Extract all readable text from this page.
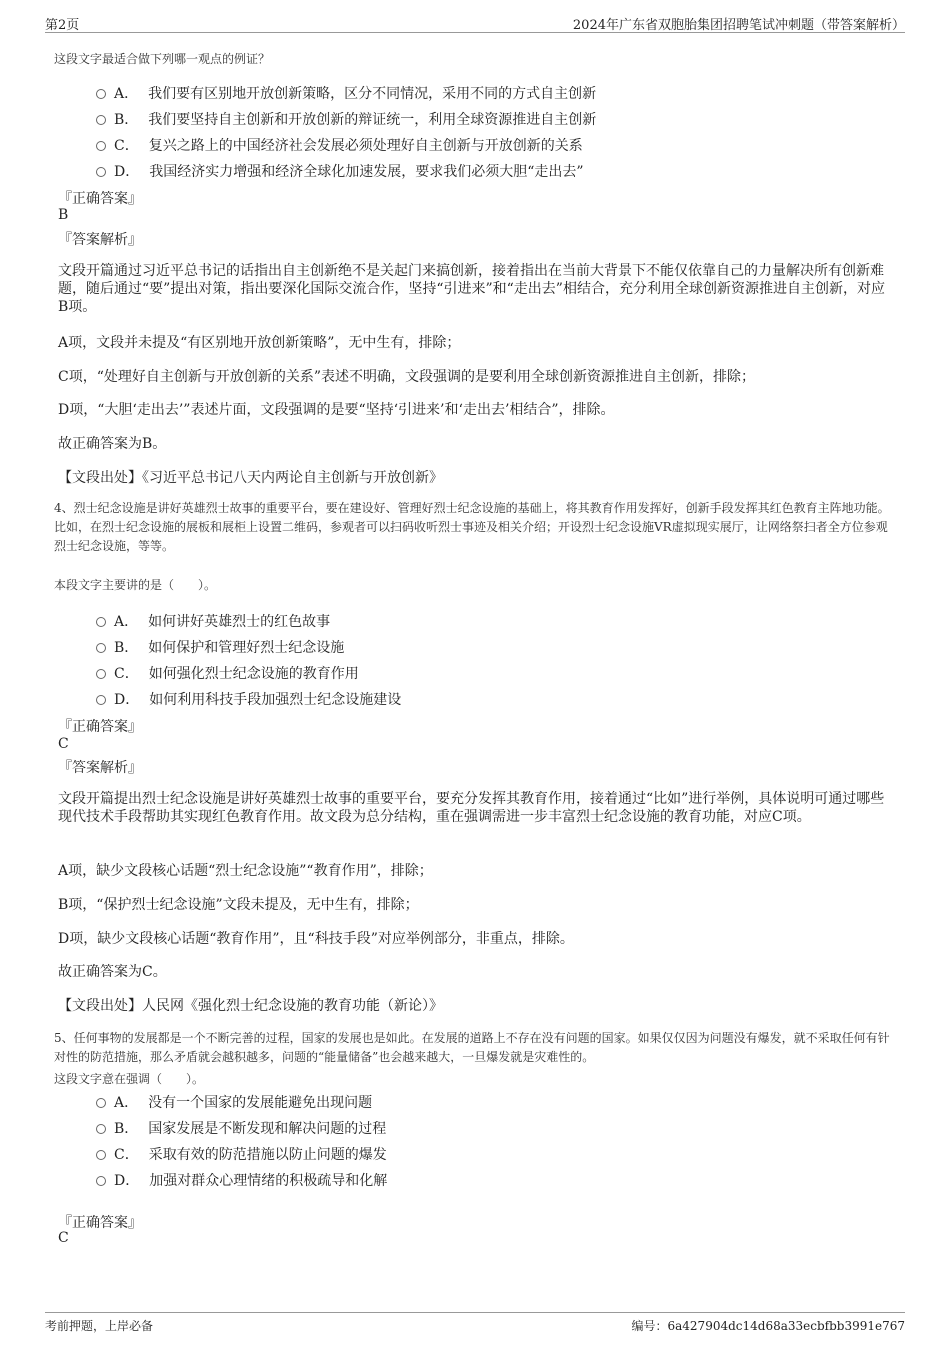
第2页	2024年广东省双胞胎集团招聘笔试冲刺题（带答案解析）
这段文字最适合做下列哪一观点的例证？
A． 我们要有区别地开放创新策略，区分不同情况，采用不同的方式自主创新
B． 我们要坚持自主创新和开放创新的辩证统一，利用全球资源推进自主创新
C． 复兴之路上的中国经济社会发展必须处理好自主创新与开放创新的关系
D． 我国经济实力增强和经济全球化加速发展，要求我们必须大胆“走出去”
『正确答案』
B
『答案解析』
文段开篇通过习近平总书记的话指出自主创新绝不是关起门来搞创新，接着指出在当前大背景下不能仅依靠自己的力量解决所有创新难题，随后通过“要”提出对策，指出要深化国际交流合作，坚持“引进来”和“走出去”相结合，充分利用全球创新资源推进自主创新，对应B项。
A项，文段并未提及“有区别地开放创新策略”，无中生有，排除；
C项，“处理好自主创新与开放创新的关系”表述不明确，文段强调的是要利用全球创新资源推进自主创新，排除；
D项，“大胆‘走出去’”表述片面，文段强调的是要“坚持‘引进来’和‘走出去’相结合”，排除。
故正确答案为B。
【文段出处】《习近平总书记八天内两论自主创新与开放创新》
4、烈士纪念设施是讲好英雄烈士故事的重要平台，要在建设好、管理好烈士纪念设施的基础上，将其教育作用发挥好，创新手段发挥其红色教育主阵地功能。比如，在烈士纪念设施的展板和展柜上设置二维码，参观者可以扫码收听烈士事迹及相关介绍；开设烈士纪念设施VR虚拟现实展厅，让网络祭扫者全方位参观烈士纪念设施，等等。
本段文字主要讲的是（　　）。
A． 如何讲好英雄烈士的红色故事
B． 如何保护和管理好烈士纪念设施
C． 如何强化烈士纪念设施的教育作用
D． 如何利用科技手段加强烈士纪念设施建设
『正确答案』
C
『答案解析』
文段开篇提出烈士纪念设施是讲好英雄烈士故事的重要平台，要充分发挥其教育作用，接着通过“比如”进行举例，具体说明可通过哪些现代技术手段帮助其实现红色教育作用。故文段为总分结构，重在强调需进一步丰富烈士纪念设施的教育功能，对应C项。
A项，缺少文段核心话题“烈士纪念设施”“教育作用”，排除；
B项，“保护烈士纪念设施”文段未提及，无中生有，排除；
D项，缺少文段核心话题“教育作用”，且“科技手段”对应举例部分，非重点，排除。
故正确答案为C。
【文段出处】人民网《强化烈士纪念设施的教育功能（新论）》
5、任何事物的发展都是一个不断完善的过程，国家的发展也是如此。在发展的道路上不存在没有问题的国家。如果仅仅因为问题没有爆发，就不采取任何有针对性的防范措施，那么矛盾就会越积越多，问题的“能量储备”也会越来越大，一旦爆发就是灾难性的。
这段文字意在强调（　　）。
A． 没有一个国家的发展能避免出现问题
B． 国家发展是不断发现和解决问题的过程
C． 采取有效的防范措施以防止问题的爆发
D． 加强对群众心理情绪的积极疏导和化解
『正确答案』
C
考前押题，上岸必备	编号：6a427904dc14d68a33ecbfbb3991e767
